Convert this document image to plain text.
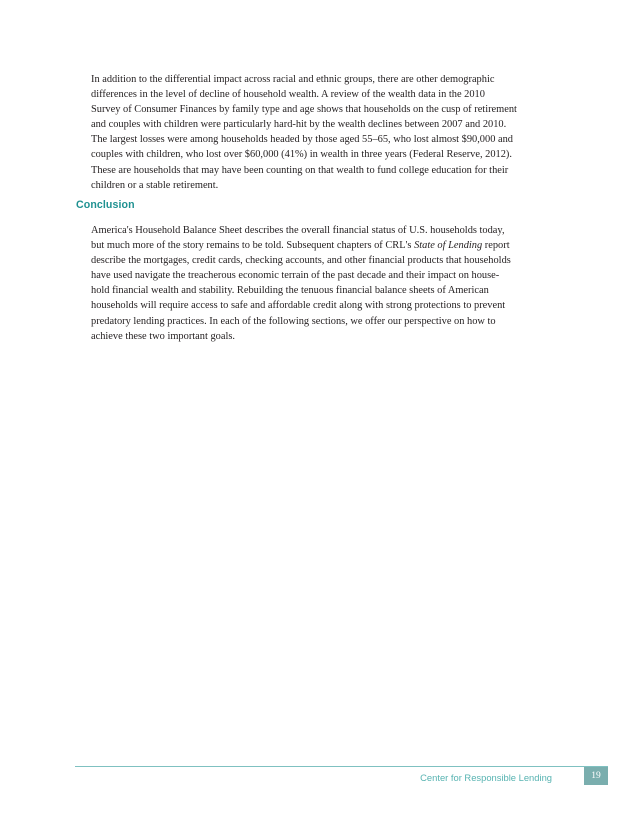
In addition to the differential impact across racial and ethnic groups, there are other demographic
differences in the level of decline of household wealth. A review of the wealth data in the 2010
Survey of Consumer Finances by family type and age shows that households on the cusp of retirement
and couples with children were particularly hard-hit by the wealth declines between 2007 and 2010.
The largest losses were among households headed by those aged 55–65, who lost almost $90,000 and
couples with children, who lost over $60,000 (41%) in wealth in three years (Federal Reserve, 2012).
These are households that may have been counting on that wealth to fund college education for their
children or a stable retirement.

Conclusion

America's Household Balance Sheet describes the overall financial status of U.S. households today,
but much more of the story remains to be told. Subsequent chapters of CRL's State of Lending report
describe the mortgages, credit cards, checking accounts, and other financial products that households
have used navigate the treacherous economic terrain of the past decade and their impact on house-
hold financial wealth and stability. Rebuilding the tenuous financial balance sheets of American
households will require access to safe and affordable credit along with strong protections to prevent
predatory lending practices. In each of the following sections, we offer our perspective on how to
achieve these two important goals.

Center for Responsible Lending	19
